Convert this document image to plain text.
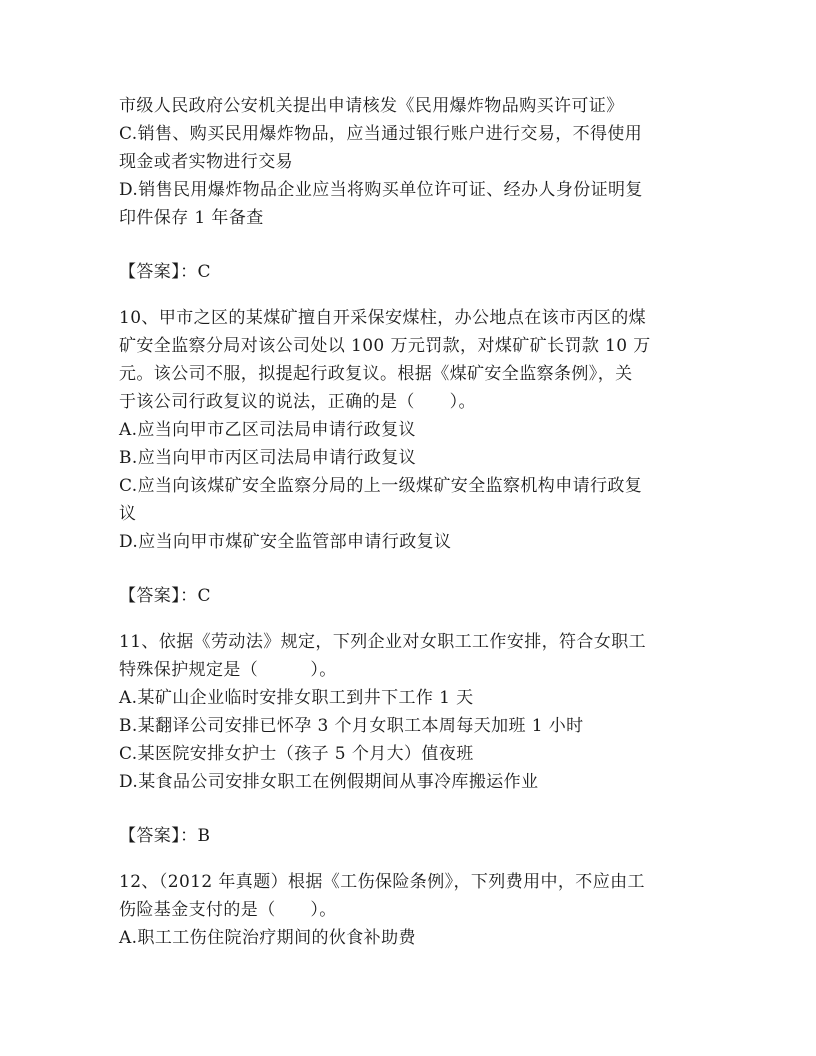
市级人民政府公安机关提出申请核发《民用爆炸物品购买许可证》
C.销售、购买民用爆炸物品，应当通过银行账户进行交易，不得使用
现金或者实物进行交易
D.销售民用爆炸物品企业应当将购买单位许可证、经办人身份证明复
印件保存 1 年备查
【答案】：C
10、甲市之区的某煤矿擅自开采保安煤柱，办公地点在该市丙区的煤
矿安全监察分局对该公司处以 100 万元罚款，对煤矿矿长罚款 10 万
元。该公司不服，拟提起行政复议。根据《煤矿安全监察条例》，关
于该公司行政复议的说法，正确的是（　　）。
A.应当向甲市乙区司法局申请行政复议
B.应当向甲市丙区司法局申请行政复议
C.应当向该煤矿安全监察分局的上一级煤矿安全监察机构申请行政复
议
D.应当向甲市煤矿安全监管部申请行政复议
【答案】：C
11、依据《劳动法》规定，下列企业对女职工工作安排，符合女职工
特殊保护规定是（　　　）。
A.某矿山企业临时安排女职工到井下工作 1 天
B.某翻译公司安排已怀孕 3 个月女职工本周每天加班 1 小时
C.某医院安排女护士（孩子 5 个月大）值夜班
D.某食品公司安排女职工在例假期间从事冷库搬运作业
【答案】：B
12、（2012 年真题）根据《工伤保险条例》，下列费用中，不应由工
伤险基金支付的是（　　）。
A.职工工伤住院治疗期间的伙食补助费
